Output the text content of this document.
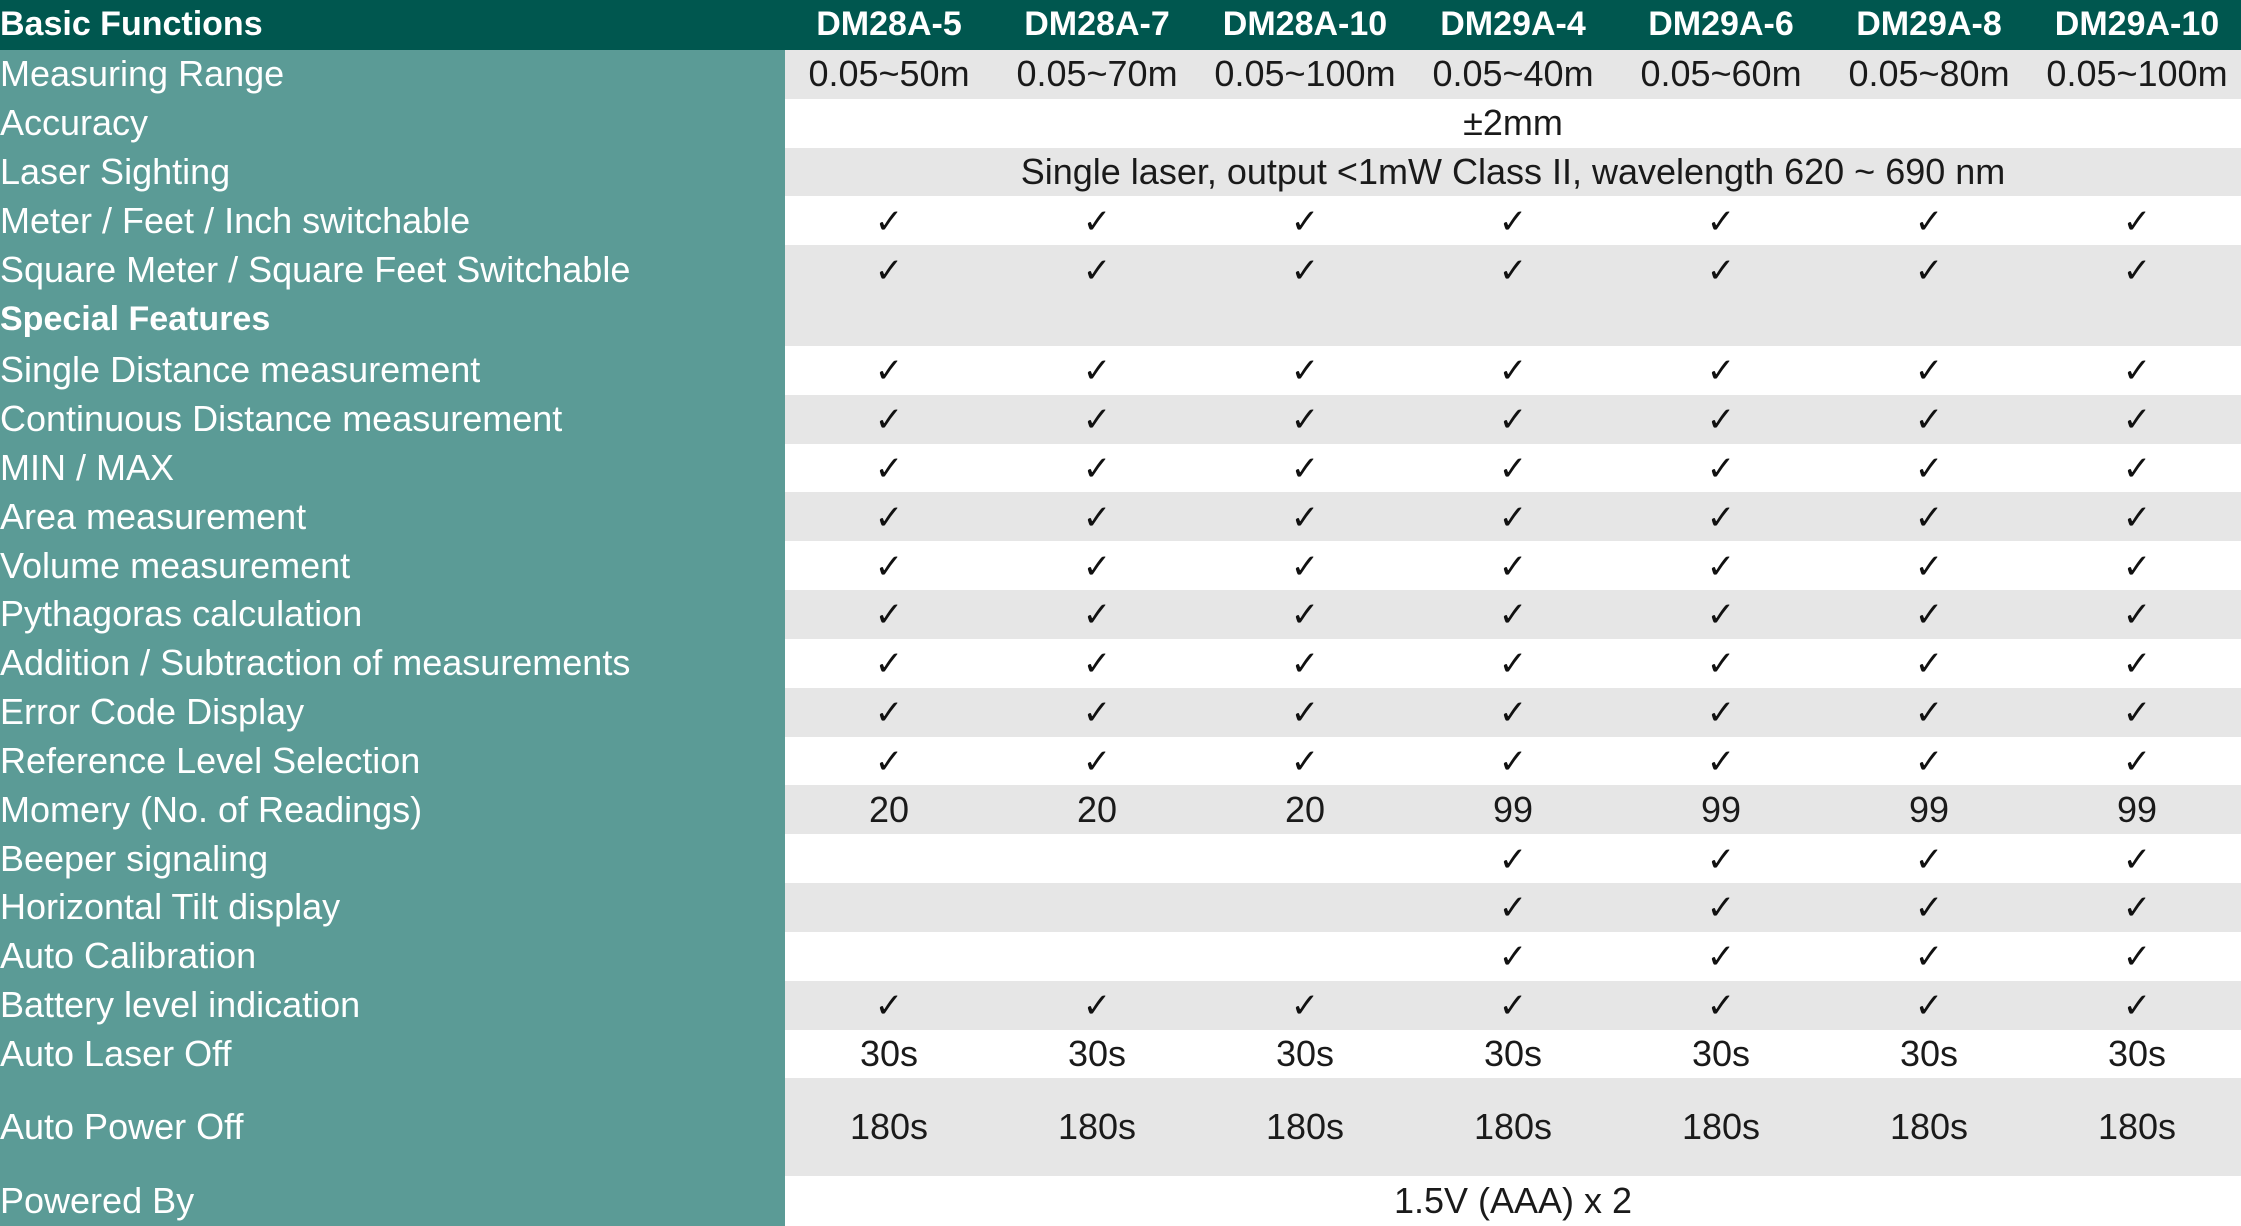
Basic Functions	DM28A-5	DM28A-7	DM28A-10	DM29A-4	DM29A-6	DM29A-8	DM29A-10
Measuring Range	0.05~50m	0.05~70m	0.05~100m	0.05~40m	0.05~60m	0.05~80m	0.05~100m
Accuracy	±2mm						
Laser Sighting	Single laser, output <1mW Class II, wavelength 620 ~ 690 nm						
Meter / Feet / Inch switchable	✓	✓	✓	✓	✓	✓	✓
Square Meter / Square Feet Switchable	✓	✓	✓	✓	✓	✓	✓
Special Features							
Single Distance measurement	✓	✓	✓	✓	✓	✓	✓
Continuous Distance measurement	✓	✓	✓	✓	✓	✓	✓
MIN / MAX	✓	✓	✓	✓	✓	✓	✓
Area measurement	✓	✓	✓	✓	✓	✓	✓
Volume measurement	✓	✓	✓	✓	✓	✓	✓
Pythagoras calculation	✓	✓	✓	✓	✓	✓	✓
Addition / Subtraction of measurements	✓	✓	✓	✓	✓	✓	✓
Error Code Display	✓	✓	✓	✓	✓	✓	✓
Reference Level Selection	✓	✓	✓	✓	✓	✓	✓
Momery (No. of Readings)	20	20	20	99	99	99	99
Beeper signaling				✓	✓	✓	✓
Horizontal Tilt display				✓	✓	✓	✓
Auto Calibration				✓	✓	✓	✓
Battery level indication	✓	✓	✓	✓	✓	✓	✓
Auto Laser Off	30s	30s	30s	30s	30s	30s	30s
Auto Power Off	180s	180s	180s	180s	180s	180s	180s
Powered By	1.5V (AAA) x 2						
